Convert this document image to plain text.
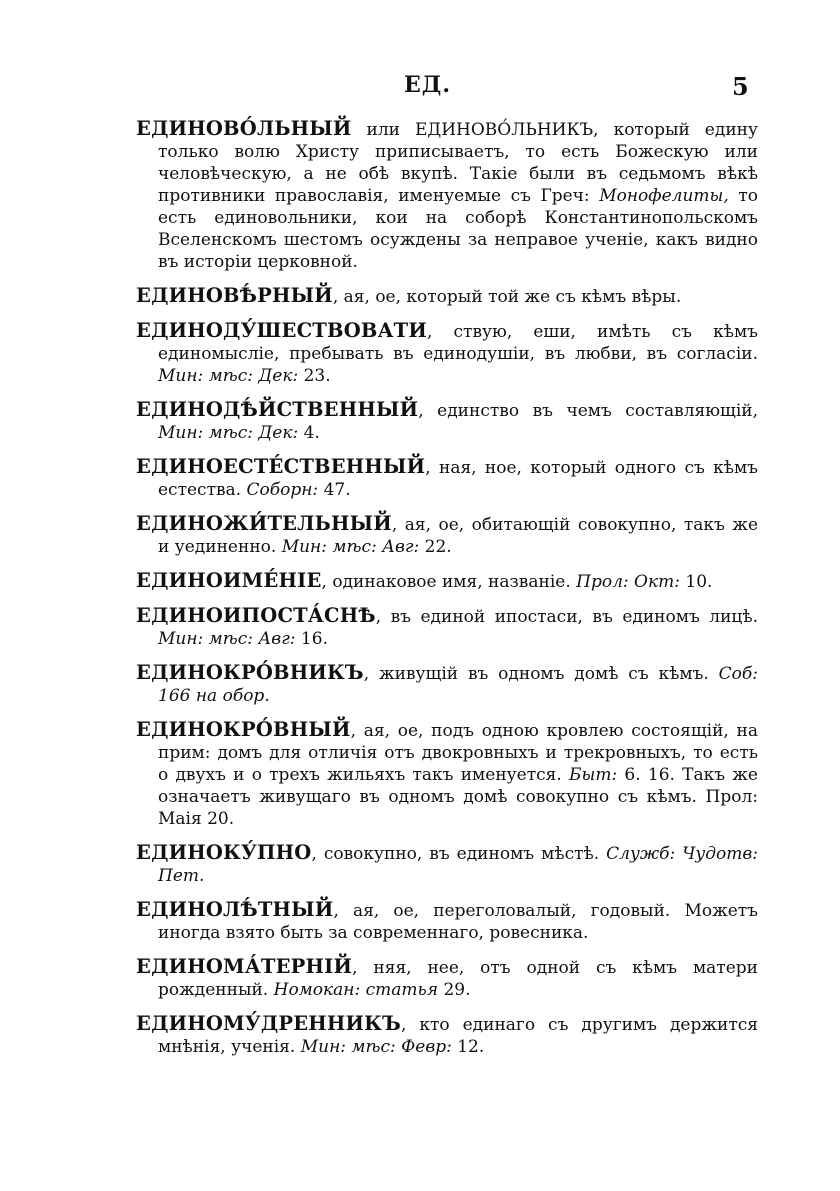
ЕД.	5

ЕДИНОВО́ЛЬНЫЙ или ЕДИНОВО́ЛЬНИКЪ, который едину только волю Христу приписываетъ, то есть Божескую или человѣческую, а не обѣ вкупѣ. Такіе были въ седьмомъ вѣкѣ противники православія, именуемые съ Греч: Монофелиты, то есть единовольники, кои на соборѣ Константинопольскомъ Вселенскомъ шестомъ осуждены за неправое ученіе, какъ видно въ исторіи церковной.

ЕДИНОВѢ́РНЫЙ, ая, ое, который той же съ кѣмъ вѣры.

ЕДИНОДУ́ШЕСТВОВАТИ, ствую, еши, имѣть съ кѣмъ единомысліе, пребывать въ единодушіи, въ любви, въ согласіи. Мин: мѣс: Дек: 23.

ЕДИНОДѢ́ЙСТВЕННЫЙ, единство въ чемъ составляющій, Мин: мѣс: Дек: 4.

ЕДИНОЕСТЕ́СТВЕННЫЙ, ная, ное, который одного съ кѣмъ естества. Соборн: 47.

ЕДИНОЖИ́ТЕЛЬНЫЙ, ая, ое, обитающій совокупно, такъ же и уединенно. Мин: мѣс: Авг: 22.

ЕДИНОИМЕ́НІЕ, одинаковое имя, названіе. Прол: Окт: 10.

ЕДИНОИПОСТА́СНѢ, въ единой ипостаси, въ единомъ лицѣ. Мин: мѣс: Авг: 16.

ЕДИНОКРО́ВНИКЪ, живущій въ одномъ домѣ съ кѣмъ. Соб: 166 на обор.

ЕДИНОКРО́ВНЫЙ, ая, ое, подъ одною кровлею состоящій, на прим: домъ для отличія отъ двокровныхъ и трекровныхъ, то есть о двухъ и о трехъ жильяхъ такъ именуется. Быт: 6. 16. Такъ же означаетъ живущаго въ одномъ домѣ совокупно съ кѣмъ. Прол: Маія 20.

ЕДИНОКУ́ПНО, совокупно, въ единомъ мѣстѣ. Служб: Чудотв: Пет.

ЕДИНОЛѢ́ТНЫЙ, ая, ое, переголовалый, годовый. Можетъ иногда взято быть за современнаго, ровесника.

ЕДИНОМА́ТЕРНІЙ, няя, нее, отъ одной съ кѣмъ матери рожденный. Номокан: статья 29.

ЕДИНОМУ́ДРЕННИКЪ, кто единаго съ другимъ держится мнѣнія, ученія. Мин: мѣс: Февр: 12.
